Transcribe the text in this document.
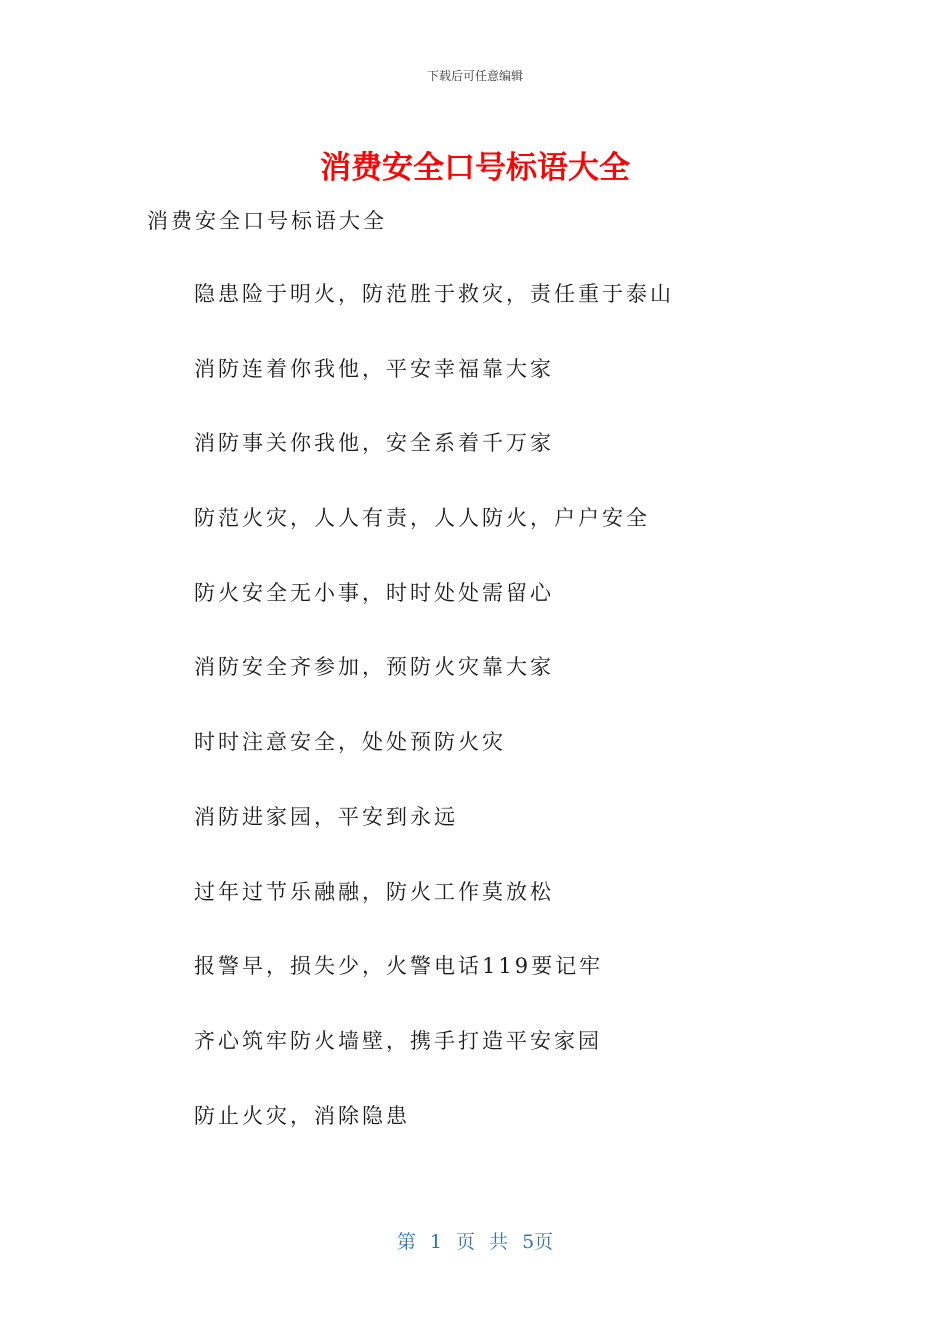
下载后可任意编辑
消费安全口号标语大全

消费安全口号标语大全

隐患险于明火，防范胜于救灾，责任重于泰山
消防连着你我他，平安幸福靠大家
消防事关你我他，安全系着千万家
防范火灾，人人有责，人人防火，户户安全
防火安全无小事，时时处处需留心
消防安全齐参加，预防火灾靠大家
时时注意安全，处处预防火灾
消防进家园，平安到永远
过年过节乐融融，防火工作莫放松
报警早，损失少，火警电话119要记牢
齐心筑牢防火墙壁，携手打造平安家园
防止火灾，消除隐患
第 1 页 共 5页
